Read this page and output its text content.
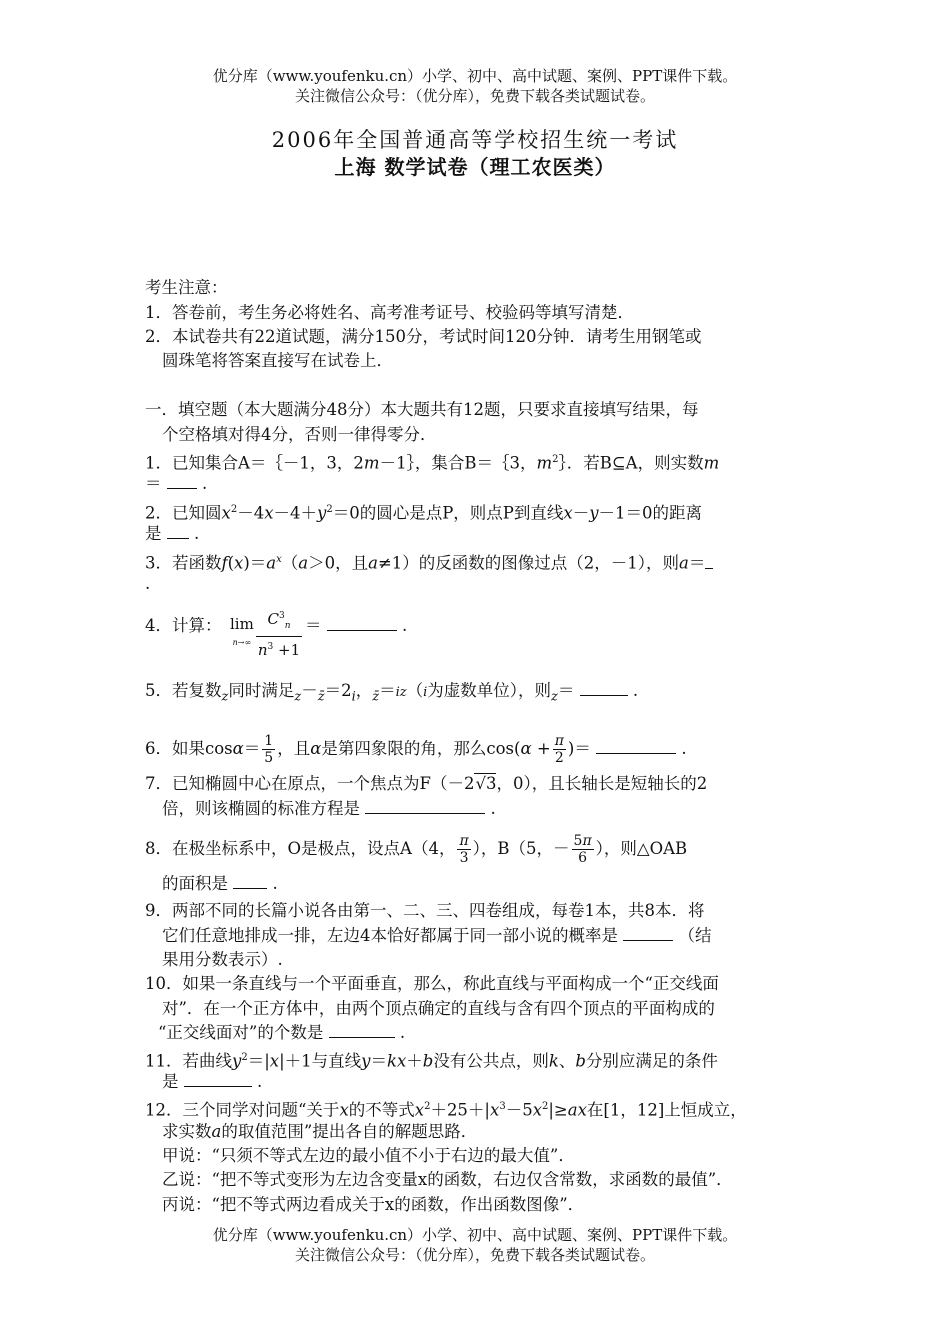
优分库（www.youfenku.cn）小学、初中、高中试题、案例、PPT课件下载。
关注微信公众号：（优分库），免费下载各类试题试卷。
2006年全国普通高等学校招生统一考试
上海 数学试卷（理工农医类）
考生注意：
1．答卷前，考生务必将姓名、高考准考证号、校验码等填写清楚．
2．本试卷共有22道试题，满分150分，考试时间120分钟．请考生用钢笔或
圆珠笔将答案直接写在试卷上．
一．填空题（本大题满分48分）本大题共有12题，只要求直接填写结果，每
个空格填对得4分，否则一律得零分．
1．已知集合A＝｛－1，3，2m－1｝，集合B＝｛3，$m^2\}$．若B⊆A，则实数m
＝  .
2．已知圆$x^2-4x-4+y^2=0$的圆心是点P，则点P到直线x－y－1＝0的距离
是  .
3．若函数$f(x)=a^x(a>0$，且a≠1）的反函数的图像过点（2，－1），则a＝
.
4．计算： lim
$n\to\infty \frac{C^3_n}{n^3 +1}$ ＝	.
5．若复数$_z$同时满足$_z-_{z̄}=2_i$，$_{z̄}$＝iz（i为虚数单位），则$_z$＝	.
6．如果$\cos\alpha= \frac{1}{5}$ ，且α是第四象限的角，那么$\cos(\alpha + \frac{\pi}{2}$ )＝	.
7．已知椭圆中心在原点，一个焦点为F（－2√3，0），且长轴长是短轴长的2
倍，则该椭圆的标准方程是	.
8．在极坐标系中，O是极点，设点A（4， $\frac{\pi}{3}$ ），B（5，－ $\frac{5\pi}{6}$ ），则△OAB
的面积是  .
9．两部不同的长篇小说各由第一、二、三、四卷组成，每卷1本，共8本．将
它们任意地排成一排，左边4本恰好都属于同一部小说的概率是	（结
果用分数表示）.
10．如果一条直线与一个平面垂直，那么，称此直线与平面构成一个“正交线面
对”．在一个正方体中，由两个顶点确定的直线与含有四个顶点的平面构成的
“正交线面对”的个数是	.
11．若曲线$y^2=|x|+1$与直线y＝kx＋b没有公共点，则k、b分别应满足的条件
是	.
12．三个同学对问题“关于x的不等式$x^2+25+|x^3-5x^2|\ge ax$在[1，12]上恒成立，
求实数a的取值范围”提出各自的解题思路．
甲说：“只须不等式左边的最小值不小于右边的最大值”．
乙说：“把不等式变形为左边含变量x的函数，右边仅含常数，求函数的最值”．
丙说：“把不等式两边看成关于x的函数，作出函数图像”．
优分库（www.youfenku.cn）小学、初中、高中试题、案例、PPT课件下载。
关注微信公众号：（优分库），免费下载各类试题试卷。
